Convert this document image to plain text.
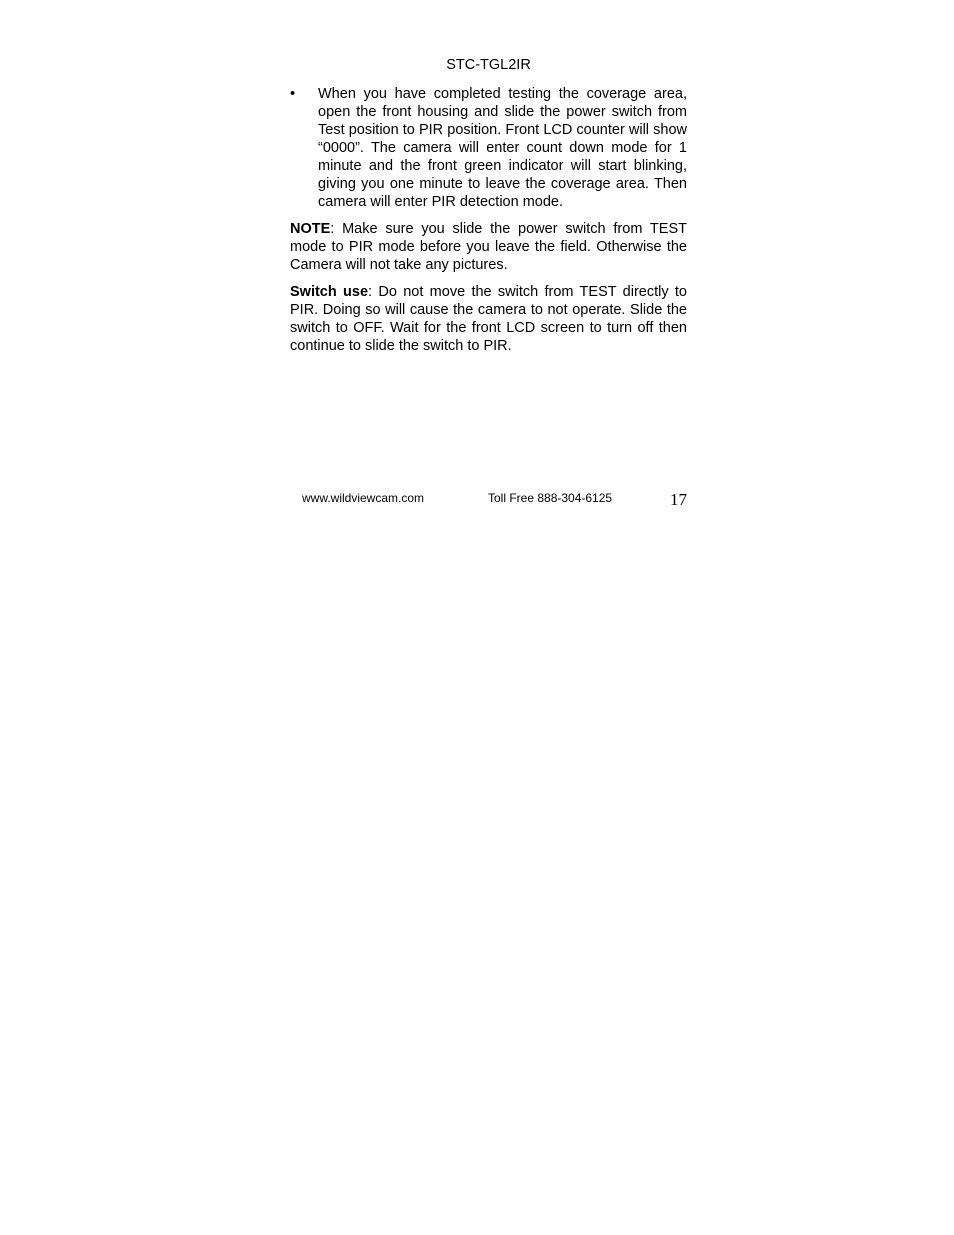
STC-TGL2IR
•	When you have completed testing the coverage area, open the front housing and slide the power switch from Test position to PIR position. Front LCD counter will show “0000”. The camera will enter count down mode for 1 minute and the front green indicator will start blinking, giving you one minute to leave the coverage area. Then camera will enter PIR detection mode.

NOTE: Make sure you slide the power switch from TEST mode to PIR mode before you leave the field. Otherwise the Camera will not take any pictures.

Switch use: Do not move the switch from TEST directly to PIR. Doing so will cause the camera to not operate. Slide the switch to OFF. Wait for the front LCD screen to turn off then continue to slide the switch to PIR.

www.wildviewcam.com	Toll Free 888-304-6125	17
